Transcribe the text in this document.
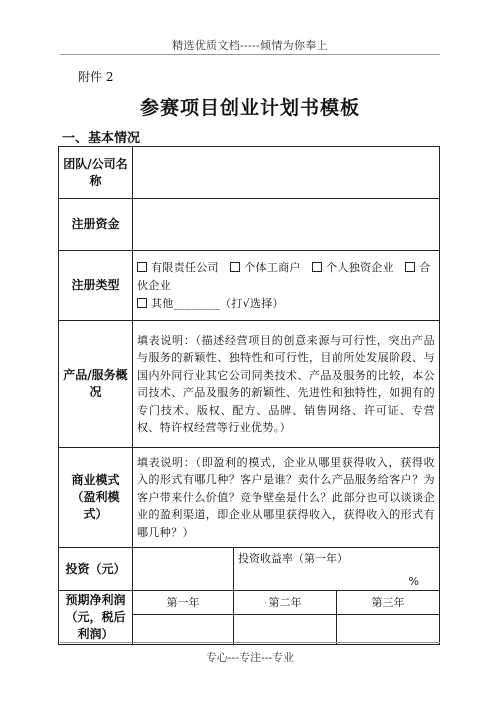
精选优质文档-----倾情为你奉上
附件 2
参赛项目创业计划书模板
一、基本情况
团队/公司名称			
注册资金			
注册类型	有限责任公司 个体工商户 个人独资企业 合伙企业
其他________（打√选择）		

产品/服务概况	填表说明：（描述经营项目的创意来源与可行性，突出产品与服务的新颖性、独特性和可行性，目前所处发展阶段、与国内外同行业其它公司同类技术、产品及服务的比较，本公司技术、产品及服务的新颖性、先进性和独特性，如拥有的专门技术、版权、配方、品牌、销售网络、许可证、专营权、特许权经营等行业优势。）		

商业模式（盈利模式）	填表说明：（即盈利的模式，企业从哪里获得收入，获得收入的形式有哪几种？客户是谁？卖什么产品服务给客户？为客户带来什么价值？竞争壁垒是什么？此部分也可以谈谈企业的盈利渠道，即企业从哪里获得收入，获得收入的形式有哪几种？）		

投资（元）		投资收益率（第一年）
%	

预期净利润（元，税后利润）	第一年	第二年	第三年

专心---专注---专业
